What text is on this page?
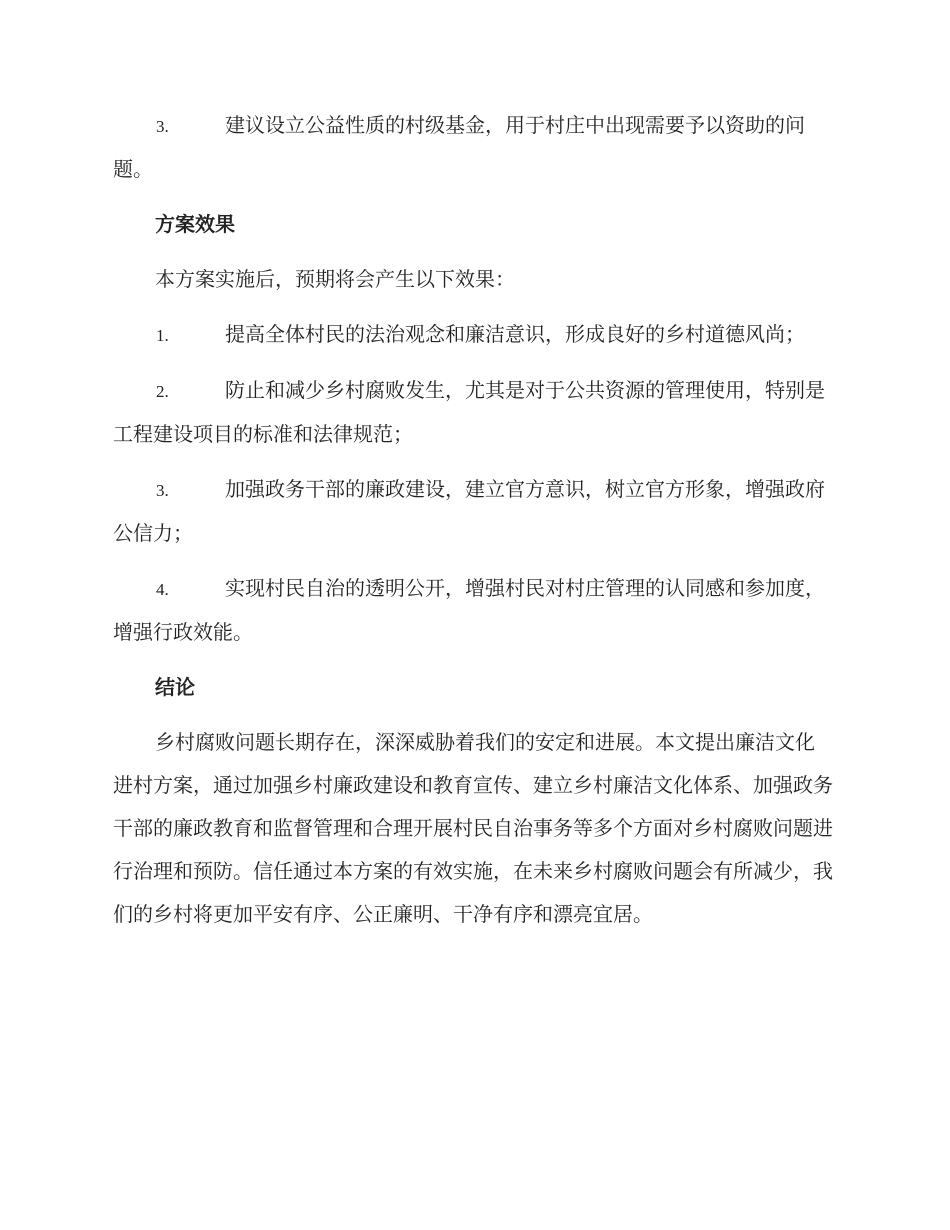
3.	建议设立公益性质的村级基金，用于村庄中出现需要予以资助的问题。

方案效果

本方案实施后，预期将会产生以下效果：

1.	提高全体村民的法治观念和廉洁意识，形成良好的乡村道德风尚；

2.	防止和减少乡村腐败发生，尤其是对于公共资源的管理使用，特别是工程建设项目的标准和法律规范；

3.	加强政务干部的廉政建设，建立官方意识，树立官方形象，增强政府公信力；

4.	实现村民自治的透明公开，增强村民对村庄管理的认同感和参加度，增强行政效能。

结论

乡村腐败问题长期存在，深深威胁着我们的安定和进展。本文提出廉洁文化进村方案，通过加强乡村廉政建设和教育宣传、建立乡村廉洁文化体系、加强政务干部的廉政教育和监督管理和合理开展村民自治事务等多个方面对乡村腐败问题进行治理和预防。信任通过本方案的有效实施，在未来乡村腐败问题会有所减少，我们的乡村将更加平安有序、公正廉明、干净有序和漂亮宜居。
